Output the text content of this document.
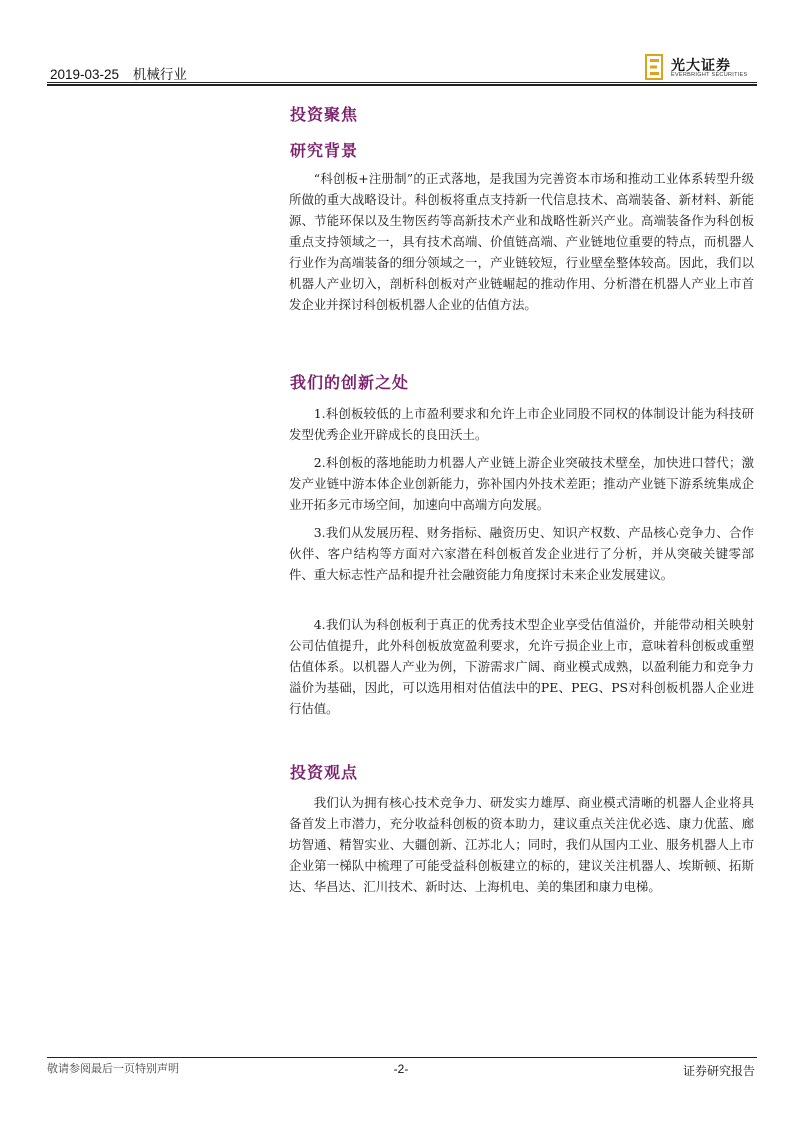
2019-03-25 机械行业
光大证券
EVERBRIGHT SECURITIES
投资聚焦
研究背景

“科创板+注册制”的正式落地，是我国为完善资本市场和推动工业体系转型升级所做的重大战略设计。科创板将重点支持新一代信息技术、高端装备、新材料、新能源、节能环保以及生物医药等高新技术产业和战略性新兴产业。高端装备作为科创板重点支持领域之一，具有技术高端、价值链高端、产业链地位重要的特点，而机器人行业作为高端装备的细分领域之一，产业链较短，行业壁垒整体较高。因此，我们以机器人产业切入，剖析科创板对产业链崛起的推动作用、分析潜在机器人产业上市首发企业并探讨科创板机器人企业的估值方法。

我们的创新之处

1.科创板较低的上市盈利要求和允许上市企业同股不同权的体制设计能为科技研发型优秀企业开辟成长的良田沃土。

2.科创板的落地能助力机器人产业链上游企业突破技术壁垒，加快进口替代；激发产业链中游本体企业创新能力，弥补国内外技术差距；推动产业链下游系统集成企业开拓多元市场空间，加速向中高端方向发展。

3.我们从发展历程、财务指标、融资历史、知识产权数、产品核心竞争力、合作伙伴、客户结构等方面对六家潜在科创板首发企业进行了分析，并从突破关键零部件、重大标志性产品和提升社会融资能力角度探讨未来企业发展建议。

4.我们认为科创板利于真正的优秀技术型企业享受估值溢价，并能带动相关映射公司估值提升，此外科创板放宽盈利要求，允许亏损企业上市，意味着科创板或重塑估值体系。以机器人产业为例，下游需求广阔、商业模式成熟，以盈利能力和竞争力溢价为基础，因此，可以选用相对估值法中的PE、PEG、PS对科创板机器人企业进行估值。

投资观点

我们认为拥有核心技术竞争力、研发实力雄厚、商业模式清晰的机器人企业将具备首发上市潜力，充分收益科创板的资本助力，建议重点关注优必选、康力优蓝、廊坊智通、精智实业、大疆创新、江苏北人；同时，我们从国内工业、服务机器人上市企业第一梯队中梳理了可能受益科创板建立的标的，建议关注机器人、埃斯顿、拓斯达、华昌达、汇川技术、新时达、上海机电、美的集团和康力电梯。

敬请参阅最后一页特别声明	-2-	证券研究报告
